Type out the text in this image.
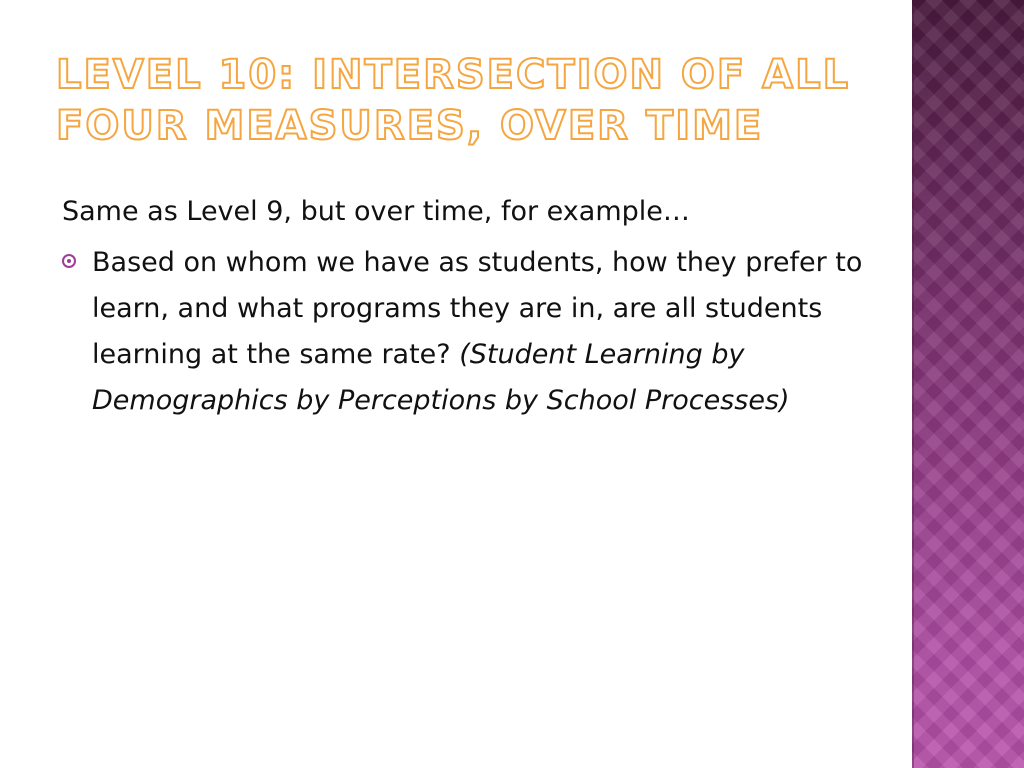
LEVEL 10: INTERSECTION OF ALL FOUR MEASURES, OVER TIME

Same as Level 9, but over time, for example…

Based on whom we have as students, how they prefer to learn, and what programs they are in, are all students learning at the same rate? (Student Learning by Demographics by Perceptions by School Processes)
